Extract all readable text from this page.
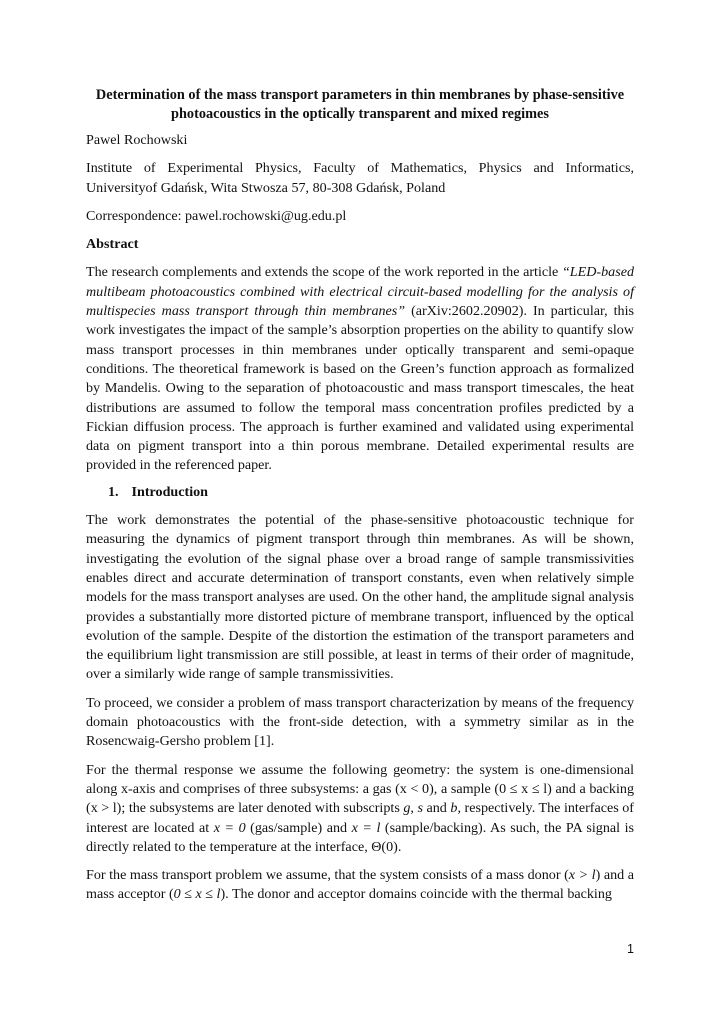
Determination of the mass transport parameters in thin membranes by phase-sensitive photoacoustics in the optically transparent and mixed regimes

Pawel Rochowski

Institute of Experimental Physics, Faculty of Mathematics, Physics and Informatics, Universityof Gdańsk, Wita Stwosza 57, 80-308 Gdańsk, Poland

Correspondence: pawel.rochowski@ug.edu.pl

Abstract

The research complements and extends the scope of the work reported in the article “LED-based multibeam photoacoustics combined with electrical circuit-based modelling for the analysis of multispecies mass transport through thin membranes” (arXiv:2602.20902). In particular, this work investigates the impact of the sample’s absorption properties on the ability to quantify slow mass transport processes in thin membranes under optically transparent and semi-opaque conditions. The theoretical framework is based on the Green’s function approach as formalized by Mandelis. Owing to the separation of photoacoustic and mass transport timescales, the heat distributions are assumed to follow the temporal mass concentration profiles predicted by a Fickian diffusion process. The approach is further examined and validated using experimental data on pigment transport into a thin porous membrane. Detailed experimental results are provided in the referenced paper.

1. Introduction

The work demonstrates the potential of the phase-sensitive photoacoustic technique for measuring the dynamics of pigment transport through thin membranes. As will be shown, investigating the evolution of the signal phase over a broad range of sample transmissivities enables direct and accurate determination of transport constants, even when relatively simple models for the mass transport analyses are used. On the other hand, the amplitude signal analysis provides a substantially more distorted picture of membrane transport, influenced by the optical evolution of the sample. Despite of the distortion the estimation of the transport parameters and the equilibrium light transmission are still possible, at least in terms of their order of magnitude, over a similarly wide range of sample transmissivities.

To proceed, we consider a problem of mass transport characterization by means of the frequency domain photoacoustics with the front-side detection, with a symmetry similar as in the Rosencwaig-Gersho problem [1].

For the thermal response we assume the following geometry: the system is one-dimensional along x-axis and comprises of three subsystems: a gas (x < 0), a sample (0 ≤ x ≤ l) and a backing (x > l); the subsystems are later denoted with subscripts g, s and b, respectively. The interfaces of interest are located at x = 0 (gas/sample) and x = l (sample/backing). As such, the PA signal is directly related to the temperature at the interface, Θ(0).

For the mass transport problem we assume, that the system consists of a mass donor (x > l) and a mass acceptor (0 ≤ x ≤ l). The donor and acceptor domains coincide with the thermal backing

1
